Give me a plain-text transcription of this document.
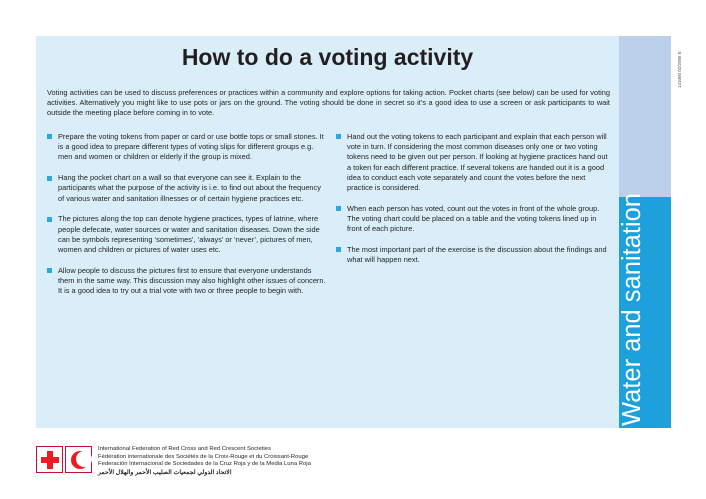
How to do a voting activity

Voting activities can be used to discuss preferences or practices within a community and explore options for taking action. Pocket charts (see below) can be used for voting activities. Alternatively you might like to use pots or jars on the ground. The voting should be done in secret so it’s a good idea to use a screen or ask participants to wait outside the meeting place before coming in to vote.

Prepare the voting tokens from paper or card or use bottle tops or small stones. It is a good idea to prepare different types of voting slips for different groups e.g. men and women or children or elderly if the group is mixed.
Hang the pocket chart on a wall so that everyone can see it. Explain to the participants what the purpose of the activity is i.e. to find out about the frequency of various water and sanitation illnesses or of certain hygiene practices etc.
The pictures along the top can denote hygiene practices, types of latrine, where people defecate, water sources or water and sanitation diseases. Down the side can be symbols representing ‘sometimes’, ‘always’ or ‘never’, pictures of men, women and children or pictures of water uses etc.
Allow people to discuss the pictures first to ensure that everyone understands them in the same way. This discussion may also highlight other issues of concern. It is a good idea to try out a trial vote with two or three people to begin with.
Hand out the voting tokens to each participant and explain that each person will vote in turn. If considering the most common diseases only one or two voting tokens need to be given out per person. If looking at hygiene practices hand out a token for each different practice. If several tokens are handed out it is a good idea to conduct each vote separately and count the votes before the next practice is considered.
When each person has voted, count out the votes in front of the whole group. The voting chart could be placed on a table and the voting tokens lined up in front of each picture.
The most important part of the exercise is the discussion about the findings and what will happen next.	Water and sanitation
141000 02/2006 E
International Federation of Red Cross and Red Crescent Societies
Fédération internationale des Sociétés de la Croix-Rouge et du Croissant-Rouge
Federación Internacional de Sociedades de la Cruz Roja y de la Media Luna Roja
الاتحاد الدولي لجمعيات الصليب الأحمر والهلال الأحمر
